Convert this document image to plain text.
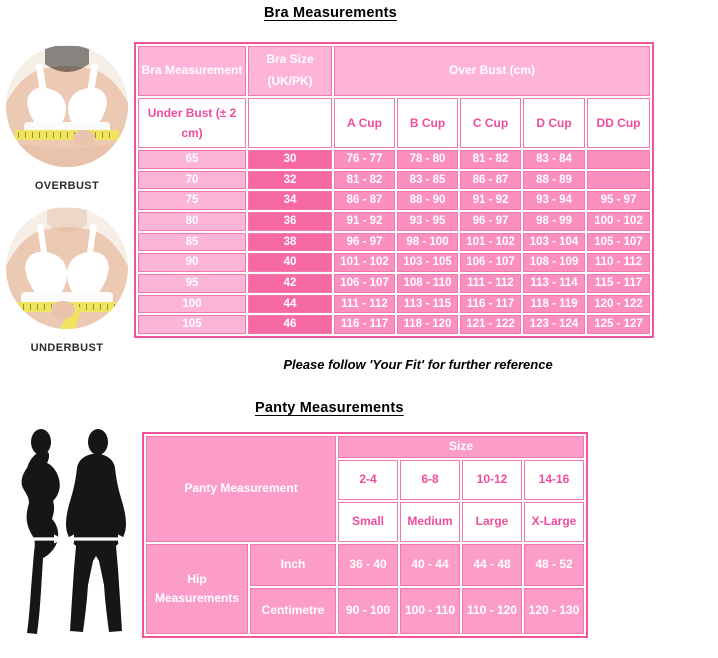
Bra Measurements
OVERBUST
UNDERBUST
Bra Measurement	Bra Size (UK/PK)	Over Bust (cm)				
Under Bust (± 2 cm)		A Cup	B Cup	C Cup	D Cup	DD Cup
65	30	76 - 77	78 - 80	81 - 82	83 - 84	
70	32	81 - 82	83 - 85	86 - 87	88 - 89	
75	34	86 - 87	88 - 90	91 - 92	93 - 94	95 - 97
80	36	91 - 92	93 - 95	96 - 97	98 - 99	100 - 102
85	38	96 - 97	98 - 100	101 - 102	103 - 104	105 - 107
90	40	101 - 102	103 - 105	106 - 107	108 - 109	110 - 112
95	42	106 - 107	108 - 110	111 - 112	113 - 114	115 - 117
100	44	111 - 112	113 - 115	116 - 117	118 - 119	120 - 122
105	46	116 - 117	118 - 120	121 - 122	123 - 124	125 - 127
Please follow 'Your Fit' for further reference
Panty Measurements
Panty Measurement		Size			
		2-4	6-8	10-12	14-16
		Small	Medium	Large	X-Large
Hip Measurements	Inch	36 - 40	40 - 44	44 - 48	48 - 52
	Centimetre	90 - 100	100 - 110	110 - 120	120 - 130
